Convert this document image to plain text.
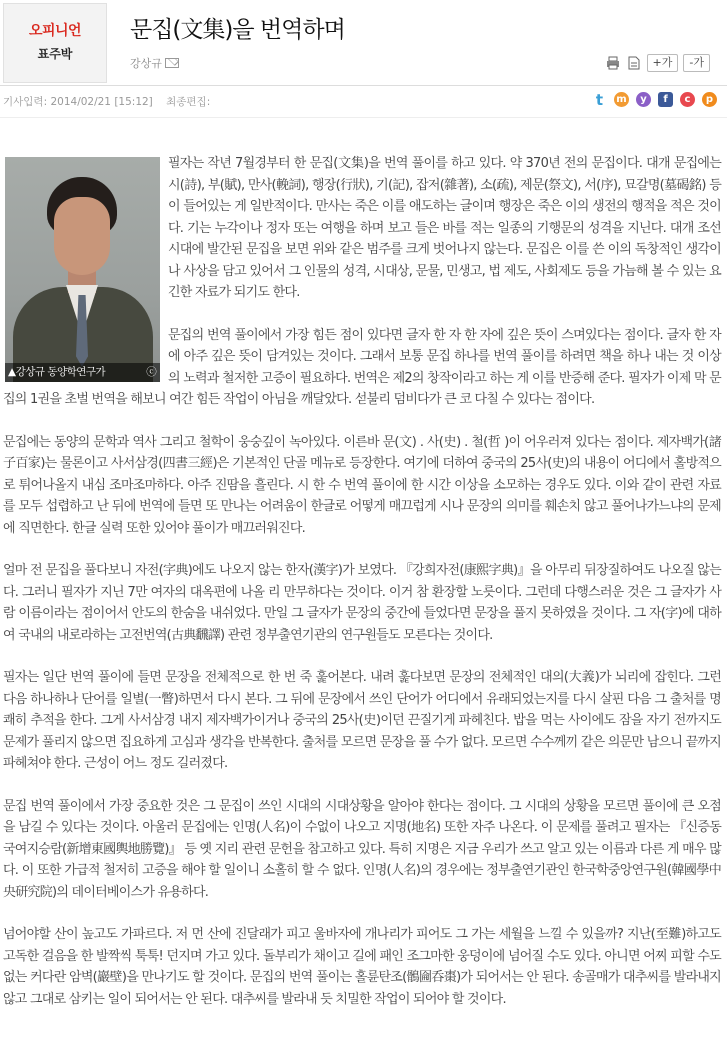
오피니언
표주박
문집(文集)을 번역하며
강상규	+가	-가
기사입력: 2014/02/21 [15:12] 최종편집:	t	m	y	f	c	p
▲강상규 동양학연구가	ⓒ

필자는 작년 7월경부터 한 문집(文集)을 번역 풀이를 하고 있다. 약 370년 전의 문집이다. 대개 문집에는 시(詩), 부(賦), 만사(輓詞), 행장(行狀), 기(記), 잡저(雜著), 소(疏), 제문(祭文), 서(序), 묘갈명(墓碣銘) 등이 들어있는 게 일반적이다. 만사는 죽은 이를 애도하는 글이며 행장은 죽은 이의 생전의 행적을 적은 것이다. 기는 누각이나 정자 또는 여행을 하며 보고 들은 바를 적는 일종의 기행문의 성격을 지닌다. 대개 조선시대에 발간된 문집을 보면 위와 같은 범주를 크게 벗어나지 않는다. 문집은 이를 쓴 이의 독창적인 생각이나 사상을 담고 있어서 그 인물의 성격, 시대상, 문물, 민생고, 법 제도, 사회제도 등을 가늠해 볼 수 있는 요긴한 자료가 되기도 한다.

문집의 번역 풀이에서 가장 힘든 점이 있다면 글자 한 자 한 자에 깊은 뜻이 스며있다는 점이다. 글자 한 자에 아주 깊은 뜻이 담겨있는 것이다. 그래서 보통 문집 하나를 번역 풀이를 하려면 책을 하나 내는 것 이상의 노력과 철저한 고증이 필요하다. 번역은 제2의 창작이라고 하는 게 이를 반증해 준다. 필자가 이제 막 문집의 1권을 초벌 번역을 해보니 여간 힘든 작업이 아님을 깨달았다. 섣불리 덤비다가 큰 코 다칠 수 있다는 점이다.

문집에는 동양의 문학과 역사 그리고 철학이 웅숭깊이 녹아있다. 이른바 문(文) . 사(史) . 철(哲 )이 어우러져 있다는 점이다. 제자백가(諸子百家)는 물론이고 사서삼경(四書三經)은 기본적인 단골 메뉴로 등장한다. 여기에 더하여 중국의 25사(史)의 내용이 어디에서 홀방적으로 튀어나올지 내심 조마조마하다. 아주 진땀을 흘린다. 시 한 수 번역 풀이에 한 시간 이상을 소모하는 경우도 있다. 이와 같이 관련 자료를 모두 섭렵하고 난 뒤에 번역에 들면 또 만나는 어려움이 한글로 어떻게 매끄럽게 시나 문장의 의미를 훼손치 않고 풀어나가느냐의 문제에 직면한다. 한글 실력 또한 있어야 풀이가 매끄러워진다.

얼마 전 문집을 풀다보니 자전(字典)에도 나오지 않는 한자(漢字)가 보였다. 『강희자전(康熙字典)』을 아무리 뒤장질하여도 나오질 않는다. 그러니 필자가 지닌 7만 여자의 대옥편에 나올 리 만무하다는 것이다. 이거 참 환장할 노릇이다. 그런데 다행스러운 것은 그 글자가 사람 이름이라는 점이어서 안도의 한숨을 내쉬었다. 만일 그 글자가 문장의 중간에 들었다면 문장을 풀지 못하였을 것이다. 그 자(字)에 대하여 국내의 내로라하는 고전번역(古典飜譯) 관련 정부출연기관의 연구원들도 모른다는 것이다.

필자는 일단 번역 풀이에 들면 문장을 전체적으로 한 번 죽 훑어본다. 내려 훑다보면 문장의 전체적인 대의(大義)가 뇌리에 잡힌다. 그런 다음 하나하나 단어를 일별(一瞥)하면서 다시 본다. 그 뒤에 문장에서 쓰인 단어가 어디에서 유래되었는지를 다시 살핀 다음 그 출처를 명쾌히 추적을 한다. 그게 사서삼경 내지 제자백가이거나 중국의 25사(史)이던 끈질기게 파헤친다. 밥을 먹는 사이에도 잠을 자기 전까지도 문제가 풀리지 않으면 집요하게 고심과 생각을 반복한다. 출처를 모르면 문장을 풀 수가 없다. 모르면 수수께끼 같은 의문만 남으니 끝까지 파헤쳐야 한다. 근성이 어느 정도 길러졌다.

문집 번역 풀이에서 가장 중요한 것은 그 문집이 쓰인 시대의 시대상황을 알아야 한다는 점이다. 그 시대의 상황을 모르면 풀이에 큰 오점을 남길 수 있다는 것이다. 아울러 문집에는 인명(人名)이 수없이 나오고 지명(地名) 또한 자주 나온다. 이 문제를 풀려고 필자는 『신증동국여지승람(新增東國輿地勝覽)』 등 옛 지리 관련 문헌을 참고하고 있다. 특히 지명은 지금 우리가 쓰고 알고 있는 이름과 다른 게 매우 많다. 이 또한 가급적 철저히 고증을 해야 할 일이니 소홀히 할 수 없다. 인명(人名)의 경우에는 정부출연기관인 한국학중앙연구원(韓國學中央研究院)의 데이터베이스가 유용하다.

넘어야할 산이 높고도 가파르다. 저 먼 산에 진달래가 피고 울바자에 개나리가 피어도 그 가는 세월을 느낄 수 있을까? 지난(至難)하고도 고독한 걸음을 한 발짝씩 툭툭! 던지며 가고 있다. 돌부리가 채이고 길에 패인 조그마한 웅덩이에 넘어질 수도 있다. 아니면 어찌 피할 수도 없는 커다란 암벽(巖壁)을 만나기도 할 것이다. 문집의 번역 풀이는 홀륜탄조(鶻圇呑棗)가 되어서는 안 된다. 송골매가 대추씨를 발라내지 않고 그대로 삼키는 일이 되어서는 안 된다. 대추씨를 발라내 듯 치밀한 작업이 되어야 할 것이다.
